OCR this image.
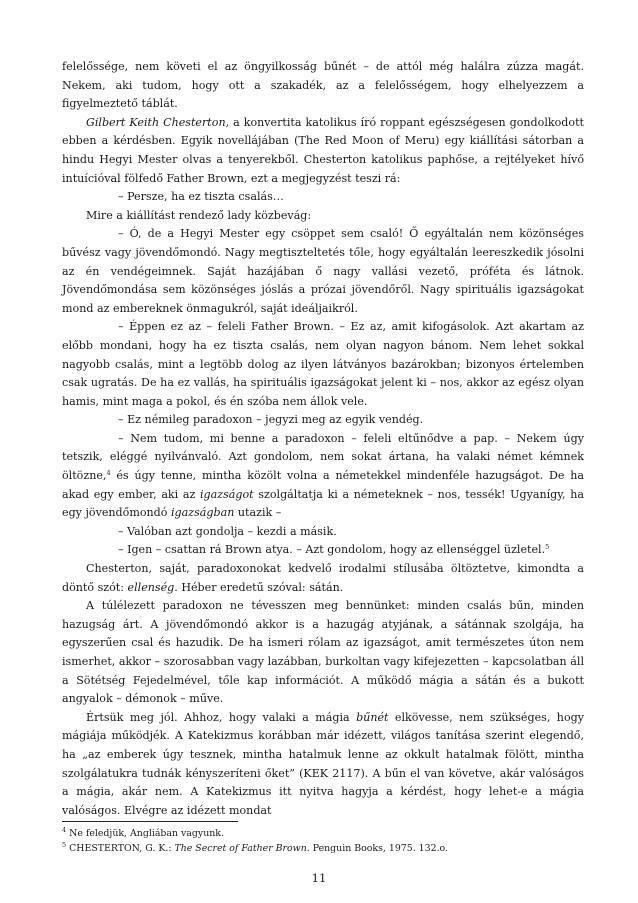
felelőssége, nem követi el az öngyilkosság bűnét – de attól még halálra zúzza magát. Nekem, aki tudom, hogy ott a szakadék, az a felelősségem, hogy elhelyezzem a figyelmeztető táblát.

Gilbert Keith Chesterton, a konvertita katolikus író roppant egészségesen gondolkodott ebben a kérdésben. Egyik novellájában (The Red Moon of Meru) egy kiállítási sátorban a hindu Hegyi Mester olvas a tenyerekből. Chesterton katolikus paphőse, a rejtélyeket hívő intuícióval fölfedő Father Brown, ezt a megjegyzést teszi rá:

– Persze, ha ez tiszta csalás…

Mire a kiállítást rendező lady közbevág:

– Ó, de a Hegyi Mester egy csöppet sem csaló! Ő egyáltalán nem közönséges bűvész vagy jövendőmondó. Nagy megtiszteltetés tőle, hogy egyáltalán leereszkedik jósolni az én vendégeimnek. Saját hazájában ő nagy vallási vezető, próféta és látnok. Jövendőmondása sem közönséges jóslás a prózai jövendőről. Nagy spirituális igazságokat mond az embereknek önmagukról, saját ideáljaikról.

– Éppen ez az – feleli Father Brown. – Ez az, amit kifogásolok. Azt akartam az előbb mondani, hogy ha ez tiszta csalás, nem olyan nagyon bánom. Nem lehet sokkal nagyobb csalás, mint a legtöbb dolog az ilyen látványos bazárokban; bizonyos értelemben csak ugratás. De ha ez vallás, ha spirituális igazságokat jelent ki – nos, akkor az egész olyan hamis, mint maga a pokol, és én szóba nem állok vele.

– Ez némileg paradoxon – jegyzi meg az egyik vendég.

– Nem tudom, mi benne a paradoxon – feleli eltűnődve a pap. – Nekem úgy tetszik, eléggé nyilvánvaló. Azt gondolom, nem sokat ártana, ha valaki német kémnek öltözne,$^4$ és úgy tenne, mintha közölt volna a németekkel mindenféle hazugságot. De ha akad egy ember, aki az igazságot szolgáltatja ki a németeknek – nos, tessék! Ugyanígy, ha egy jövendőmondó igazságban utazik –

– Valóban azt gondolja – kezdi a másik.

– Igen – csattan rá Brown atya. – Azt gondolom, hogy az ellenséggel üzletel.$^5$

Chesterton, saját, paradoxonokat kedvelő irodalmi stílusába öltöztetve, kimondta a döntő szót: ellenség. Héber eredetű szóval: sátán.

A túlélezett paradoxon ne tévesszen meg bennünket: minden csalás bűn, minden hazugság árt. A jövendőmondó akkor is a hazugág atyjának, a sátánnak szolgája, ha egyszerűen csal és hazudik. De ha ismeri rólam az igazságot, amit természetes úton nem ismerhet, akkor – szorosabban vagy lazábban, burkoltan vagy kifejezetten – kapcsolatban áll a Sötétség Fejedelmével, tőle kap információt. A működő mágia a sátán és a bukott angyalok – démonok – műve.

Értsük meg jól. Ahhoz, hogy valaki a mágia bűnét elkövesse, nem szükséges, hogy mágiája működjék. A Katekizmus korábban már idézett, világos tanítása szerint elegendő, ha „az emberek úgy tesznek, mintha hatalmuk lenne az okkult hatalmak fölött, mintha szolgálatukra tudnák kényszeríteni őket” (KEK 2117). A bűn el van követve, akár valóságos a mágia, akár nem. A Katekizmus itt nyitva hagyja a kérdést, hogy lehet-e a mágia valóságos. Elvégre az idézett mondat

$^4$ Ne feledjük, Angliában vagyunk.

$^5$ CHESTERTON, G. K.: The Secret of Father Brown. Penguin Books, 1975. 132.o.

11
